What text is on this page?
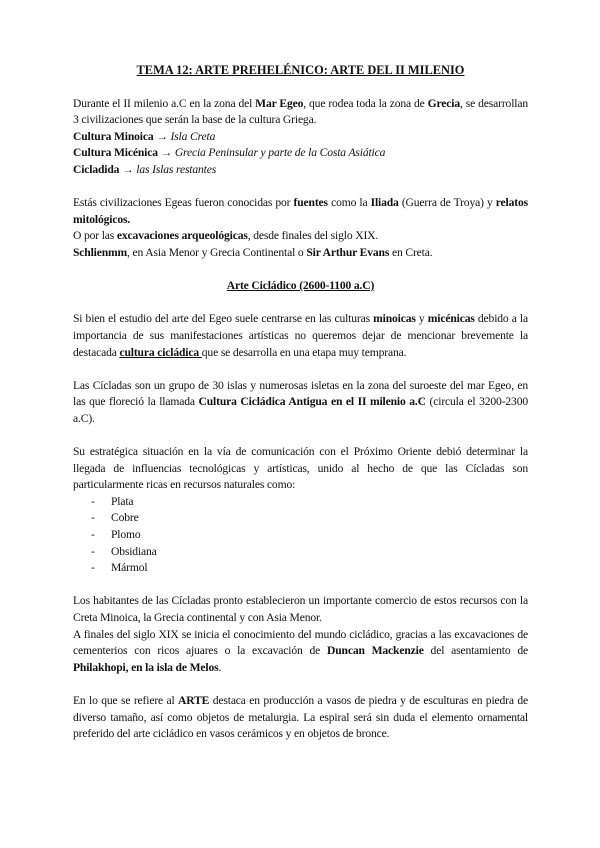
TEMA 12: ARTE PREHELÉNICO: ARTE DEL II MILENIO

Durante el II milenio a.C en la zona del Mar Egeo, que rodea toda la zona de Grecia, se desarrollan 3 civilizaciones que serán la base de la cultura Griega.

Cultura Minoica → Isla Creta
Cultura Micénica → Grecia Peninsular y parte de la Costa Asiática
Cicladida → las Islas restantes

Estás civilizaciones Egeas fueron conocidas por fuentes como la Iliada (Guerra de Troya) y relatos mitológicos.

O por las excavaciones arqueológicas, desde finales del siglo XIX.

Schlienmm, en Asia Menor y Grecia Continental o Sir Arthur Evans en Creta.

Arte Cicládico (2600-1100 a.C)

Si bien el estudio del arte del Egeo suele centrarse en las culturas minoicas y micénicas debido a la importancia de sus manifestaciones artísticas no queremos dejar de mencionar brevemente la destacada cultura cicládica que se desarrolla en una etapa muy temprana.

Las Cícladas son un grupo de 30 islas y numerosas isletas en la zona del suroeste del mar Egeo, en las que floreció la llamada Cultura Cicládica Antigua en el II milenio a.C (circula el 3200-2300 a.C).

Su estratégica situación en la vía de comunicación con el Próximo Oriente debió determinar la llegada de influencias tecnológicas y artísticas, unido al hecho de que las Cícladas son particularmente ricas en recursos naturales como:

- Plata
- Cobre
- Plomo
- Obsidiana
- Mármol

Los habitantes de las Cícladas pronto establecieron un importante comercio de estos recursos con la Creta Minoica, la Grecia continental y con Asia Menor.

A finales del siglo XIX se inicia el conocimiento del mundo cicládico, gracias a las excavaciones de cementerios con ricos ajuares o la excavación de Duncan Mackenzie del asentamiento de Philakhopi, en la isla de Melos.

En lo que se refiere al ARTE destaca en producción a vasos de piedra y de esculturas en piedra de diverso tamaño, así como objetos de metalurgia. La espiral será sin duda el elemento ornamental preferido del arte cicládico en vasos cerámicos y en objetos de bronce.
